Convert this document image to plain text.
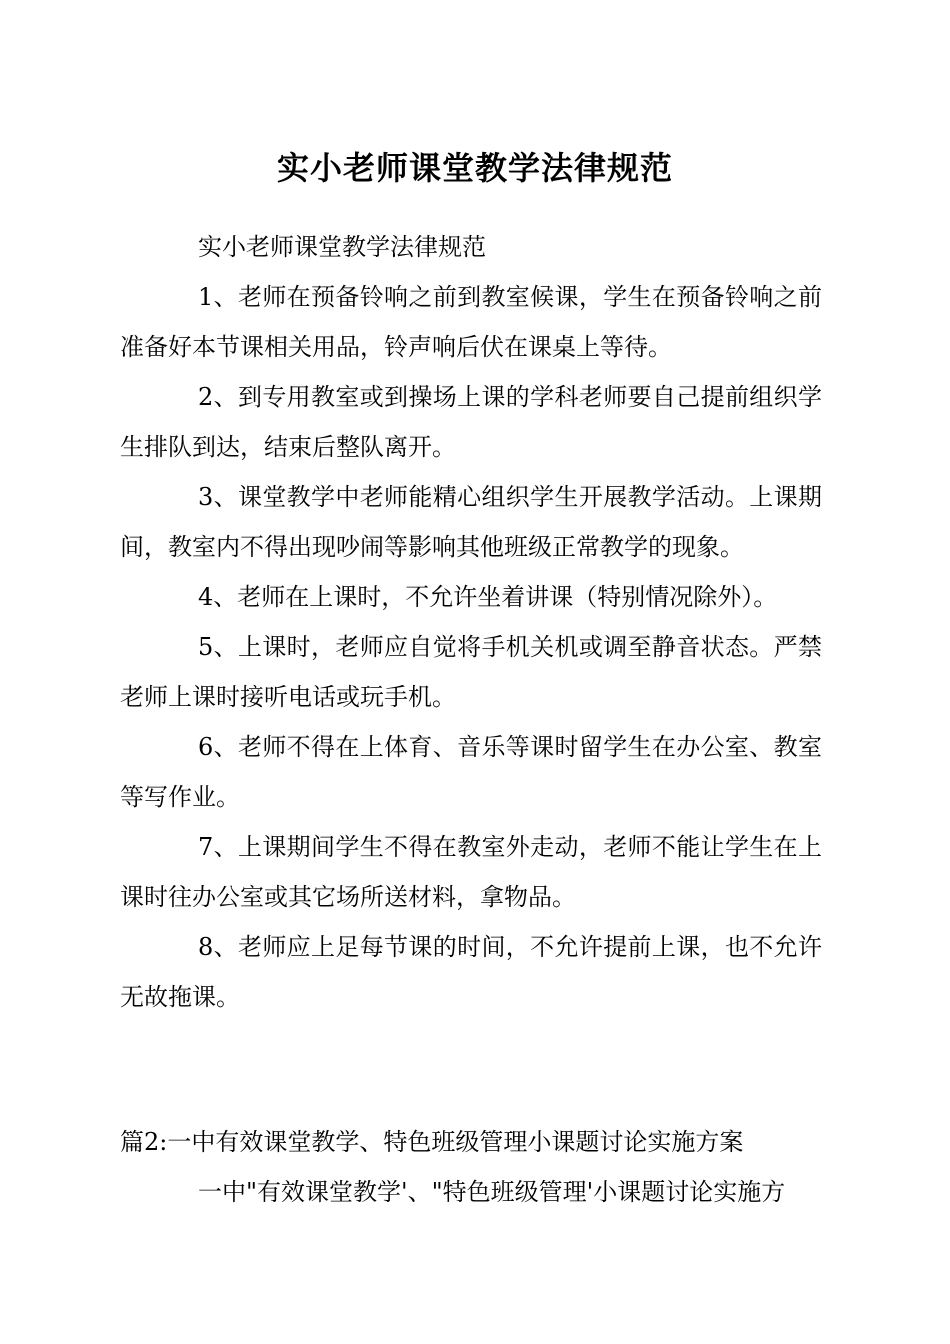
实小老师课堂教学法律规范

实小老师课堂教学法律规范

1、老师在预备铃响之前到教室候课，学生在预备铃响之前准备好本节课相关用品，铃声响后伏在课桌上等待。

2、到专用教室或到操场上课的学科老师要自己提前组织学生排队到达，结束后整队离开。

3、课堂教学中老师能精心组织学生开展教学活动。上课期间，教室内不得出现吵闹等影响其他班级正常教学的现象。

4、老师在上课时，不允许坐着讲课（特别情况除外）。

5、上课时，老师应自觉将手机关机或调至静音状态。严禁老师上课时接听电话或玩手机。

6、老师不得在上体育、音乐等课时留学生在办公室、教室等写作业。

7、上课期间学生不得在教室外走动，老师不能让学生在上课时往办公室或其它场所送材料，拿物品。

8、老师应上足每节课的时间，不允许提前上课，也不允许无故拖课。

篇2:一中有效课堂教学、特色班级管理小课题讨论实施方案

一中"有效课堂教学'、"特色班级管理'小课题讨论实施方
